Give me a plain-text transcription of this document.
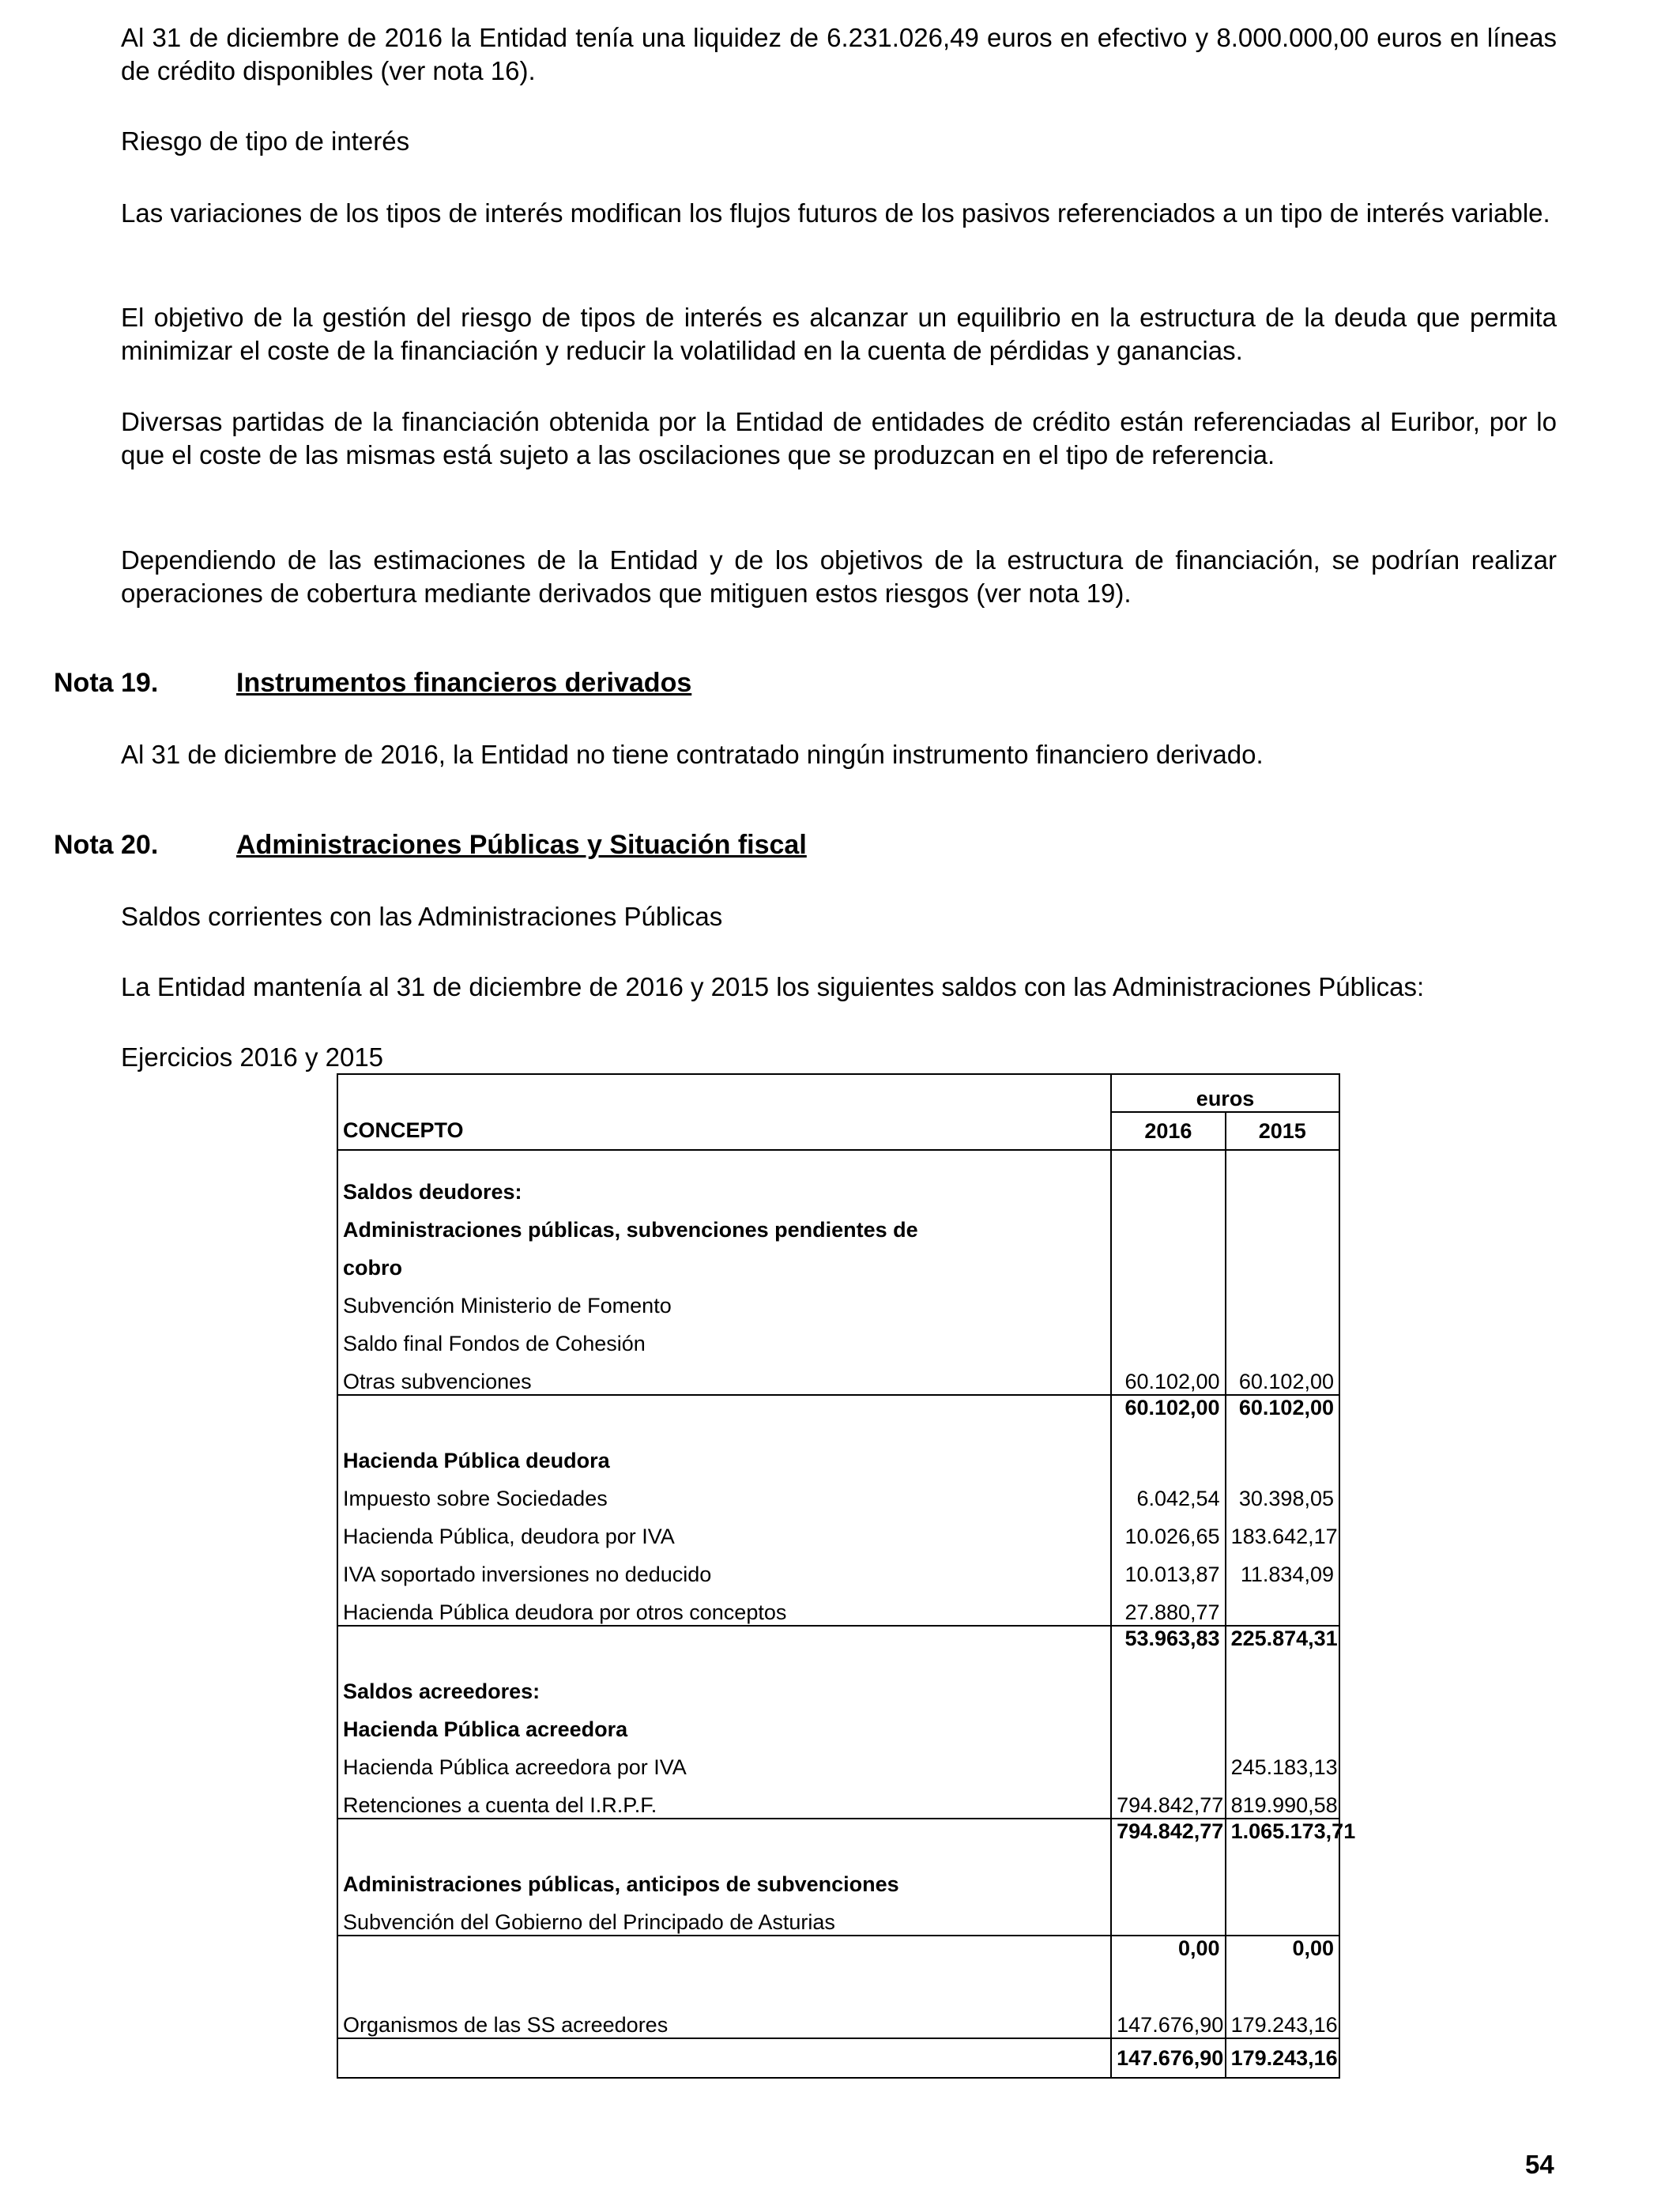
Al 31 de diciembre de 2016 la Entidad tenía una liquidez de 6.231.026,49 euros en efectivo y 8.000.000,00 euros en líneas de crédito disponibles (ver nota 16).

Riesgo de tipo de interés

Las variaciones de los tipos de interés modifican los flujos futuros de los pasivos referenciados a un tipo de interés variable.

El objetivo de la gestión del riesgo de tipos de interés es alcanzar un equilibrio en la estructura de la deuda que permita minimizar el coste de la financiación y reducir la volatilidad en la cuenta de pérdidas y ganancias.

Diversas partidas de la financiación obtenida por la Entidad de entidades de crédito están referenciadas al Euribor, por lo que el coste de las mismas está sujeto a las oscilaciones que se produzcan en el tipo de referencia.

Dependiendo de las estimaciones de la Entidad y de los objetivos de la estructura de financiación, se podrían realizar operaciones de cobertura mediante derivados que mitiguen estos riesgos (ver nota 19).

Nota 19.	Instrumentos financieros derivados

Al 31 de diciembre de 2016, la Entidad no tiene contratado ningún instrumento financiero derivado.

Nota 20.	Administraciones Públicas y Situación fiscal

Saldos corrientes con las Administraciones Públicas

La Entidad mantenía al 31 de diciembre de 2016 y 2015 los siguientes saldos con las Administraciones Públicas:

Ejercicios 2016 y 2015

	euros	
CONCEPTO	2016	2015
Saldos deudores:		
Administraciones públicas, subvenciones pendientes de		
cobro		
Subvención Ministerio de Fomento		
Saldo final Fondos de Cohesión		
Otras subvenciones	60.102,00	60.102,00
	60.102,00	60.102,00
Hacienda Pública deudora		
Impuesto sobre Sociedades	6.042,54	30.398,05
Hacienda Pública, deudora por IVA	10.026,65	183.642,17
IVA soportado inversiones no deducido	10.013,87	11.834,09
Hacienda Pública deudora por otros conceptos	27.880,77	
	53.963,83	225.874,31
Saldos acreedores:		
Hacienda Pública acreedora		
Hacienda Pública acreedora por IVA		245.183,13
Retenciones a cuenta del I.R.P.F.	794.842,77	819.990,58
	794.842,77	1.065.173,71
Administraciones públicas, anticipos de subvenciones		
Subvención del Gobierno del Principado de Asturias		
	0,00	0,00
Organismos de las SS acreedores	147.676,90	179.243,16
	147.676,90	179.243,16
54
